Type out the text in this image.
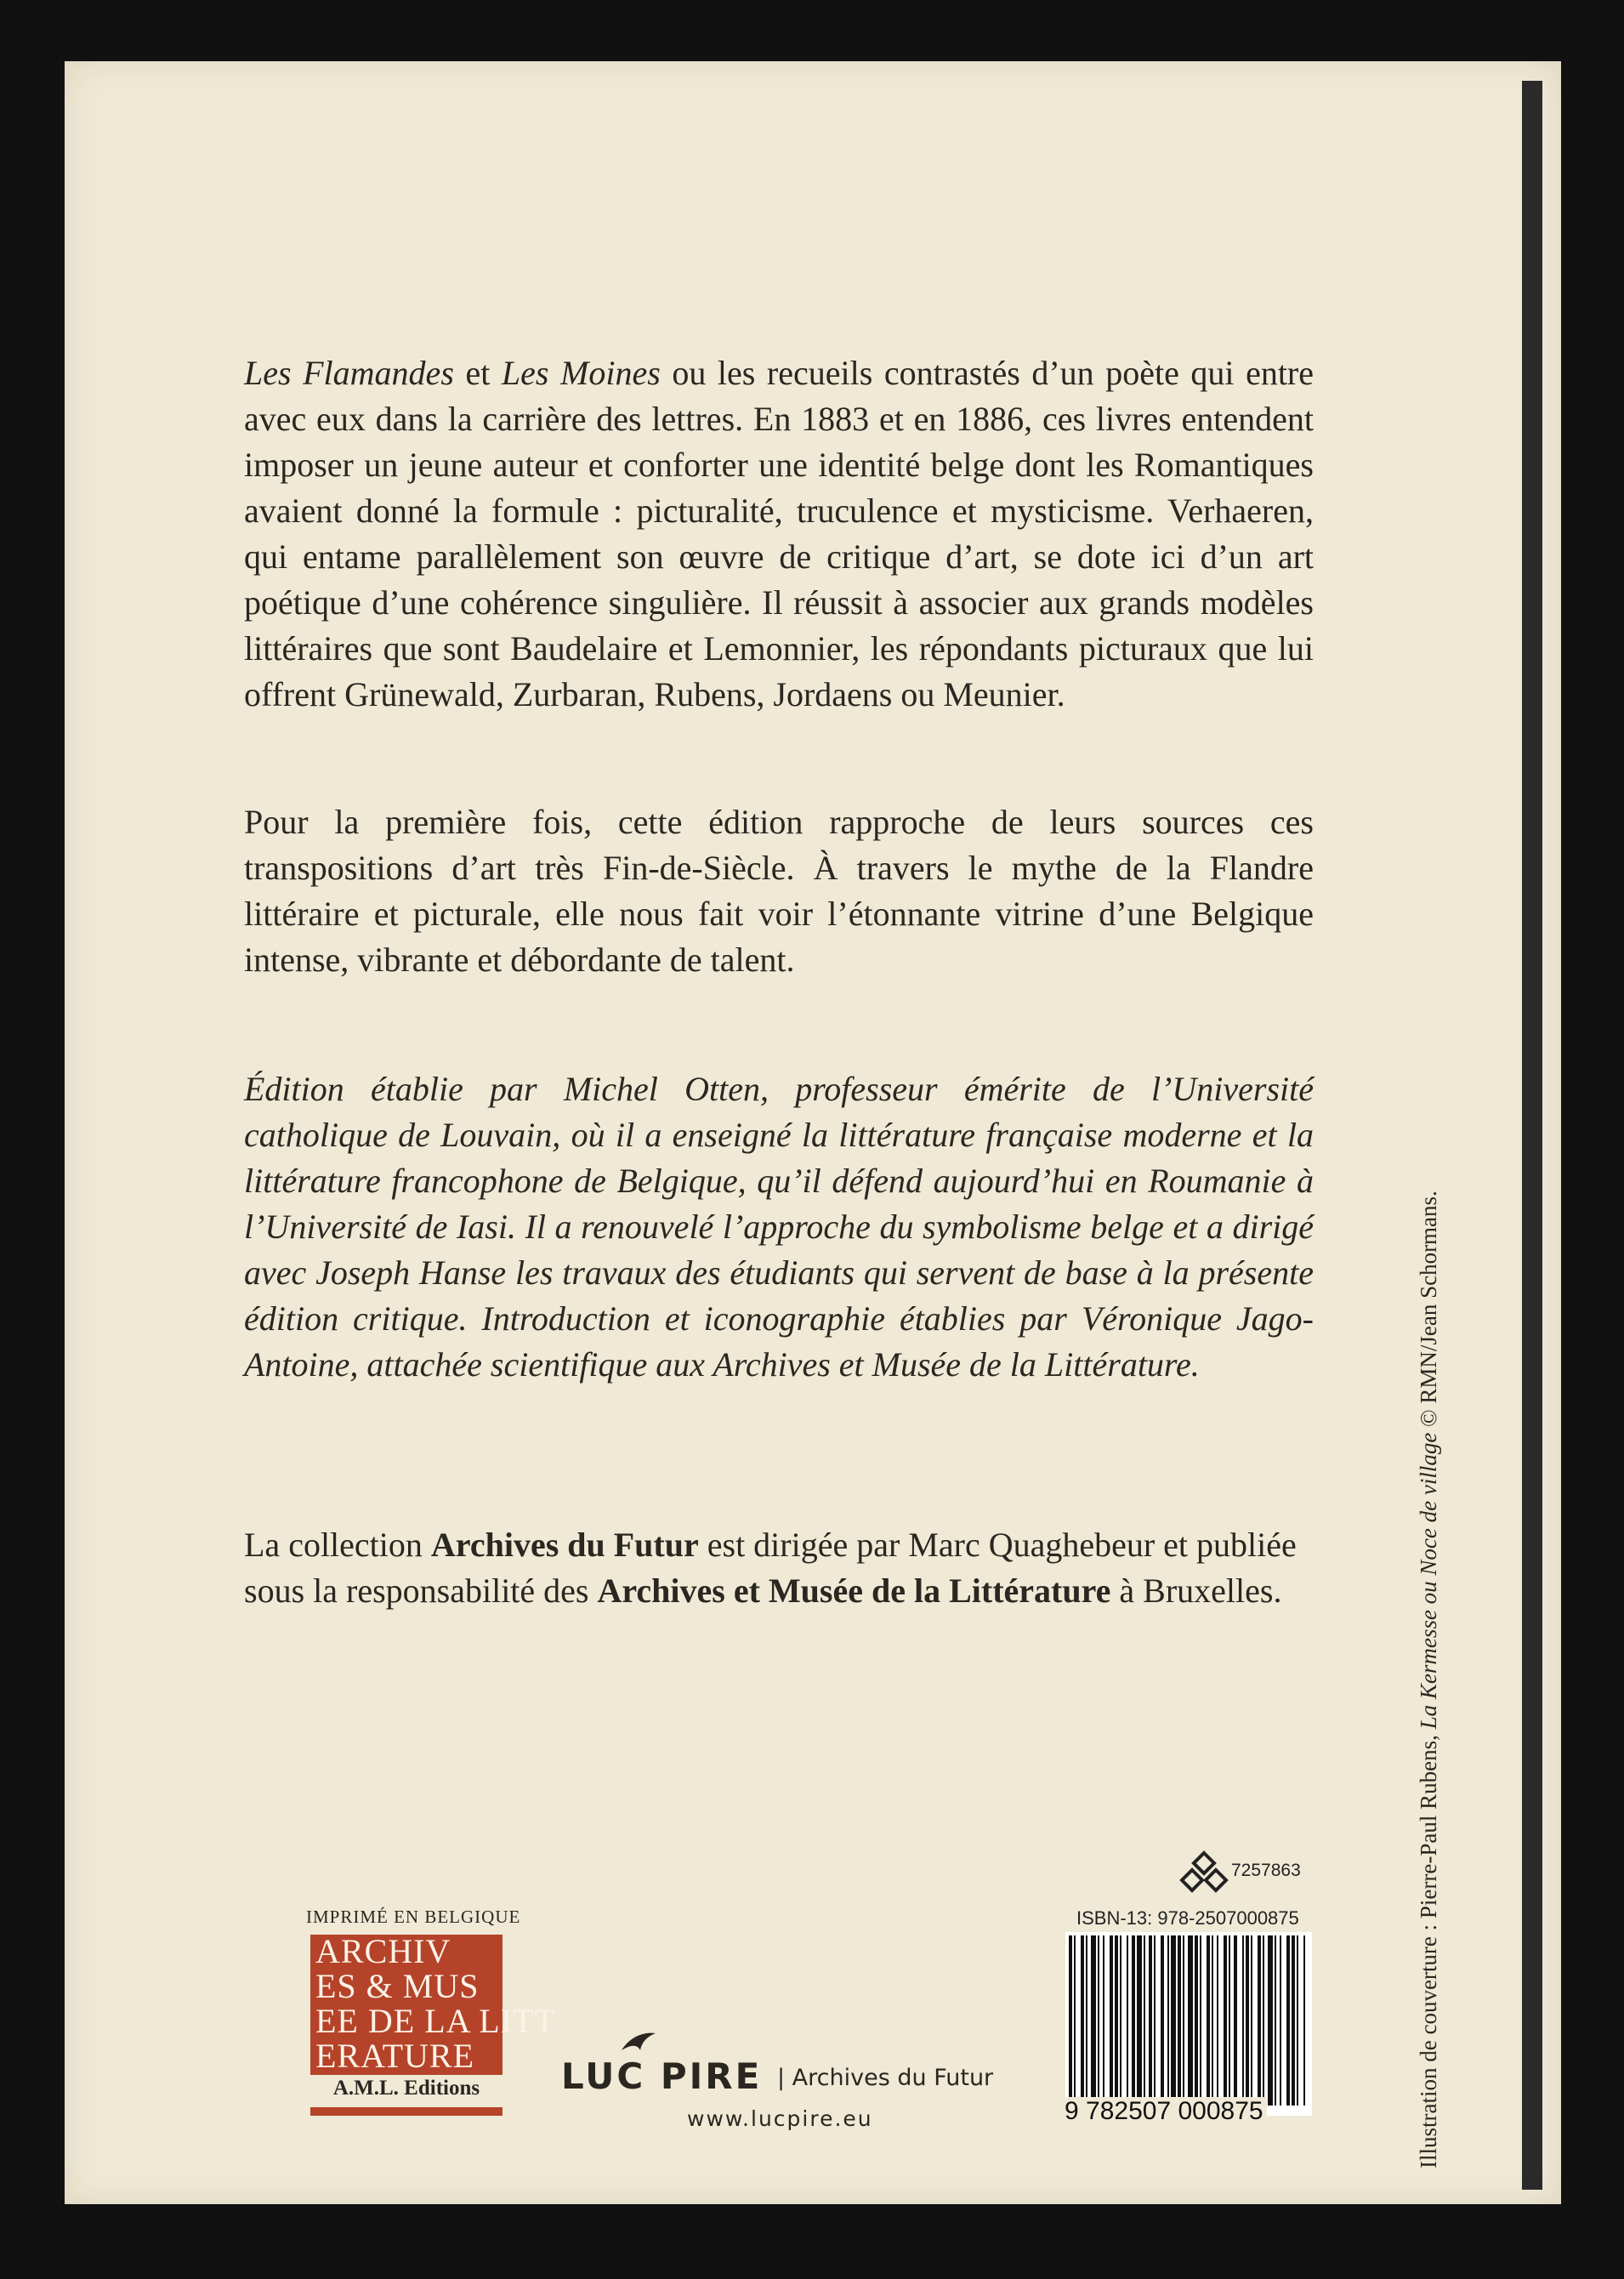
Les Flamandes et Les Moines ou les recueils contrastés d’un poète qui entre avec eux dans la carrière des lettres. En 1883 et en 1886, ces livres entendent imposer un jeune auteur et conforter une identité belge dont les Romantiques avaient donné la formule : picturalité, truculence et mysticisme. Verhaeren, qui entame parallèlement son œuvre de critique d’art, se dote ici d’un art poétique d’une cohérence singulière. Il réussit à associer aux grands modèles littéraires que sont Baudelaire et Lemonnier, les répondants picturaux que lui offrent Grünewald, Zurbaran, Rubens, Jordaens ou Meunier.

Pour la première fois, cette édition rapproche de leurs sources ces transpositions d’art très Fin-de-Siècle. À travers le mythe de la Flandre littéraire et picturale, elle nous fait voir l’étonnante vitrine d’une Belgique intense, vibrante et débordante de talent.

Édition établie par Michel Otten, professeur émérite de l’Université catholique de Louvain, où il a enseigné la littérature française moderne et la littérature francophone de Belgique, qu’il défend aujourd’hui en Roumanie à l’Université de Iasi. Il a renouvelé l’approche du symbolisme belge et a dirigé avec Joseph Hanse les travaux des étudiants qui servent de base à la présente édition critique. Introduction et iconographie établies par Véronique Jago-Antoine, attachée scientifique aux Archives et Musée de la Littérature.

La collection Archives du Futur est dirigée par Marc Quaghebeur et publiée sous la responsabilité des Archives et Musée de la Littérature à Bruxelles.

Illustration de couverture : Pierre-Paul Rubens, La Kermesse ou Noce de village © RMN/Jean Schormans.
IMPRIMÉ EN BELGIQUE
ARCHIV
ES & MUS
EE DE LA LITT
ERATURE
A.M.L. Editions	LUC PIRE | Archives du Futur
www.lucpire.eu
7257863
ISBN-13: 978-2507000875
9 782507 000875
